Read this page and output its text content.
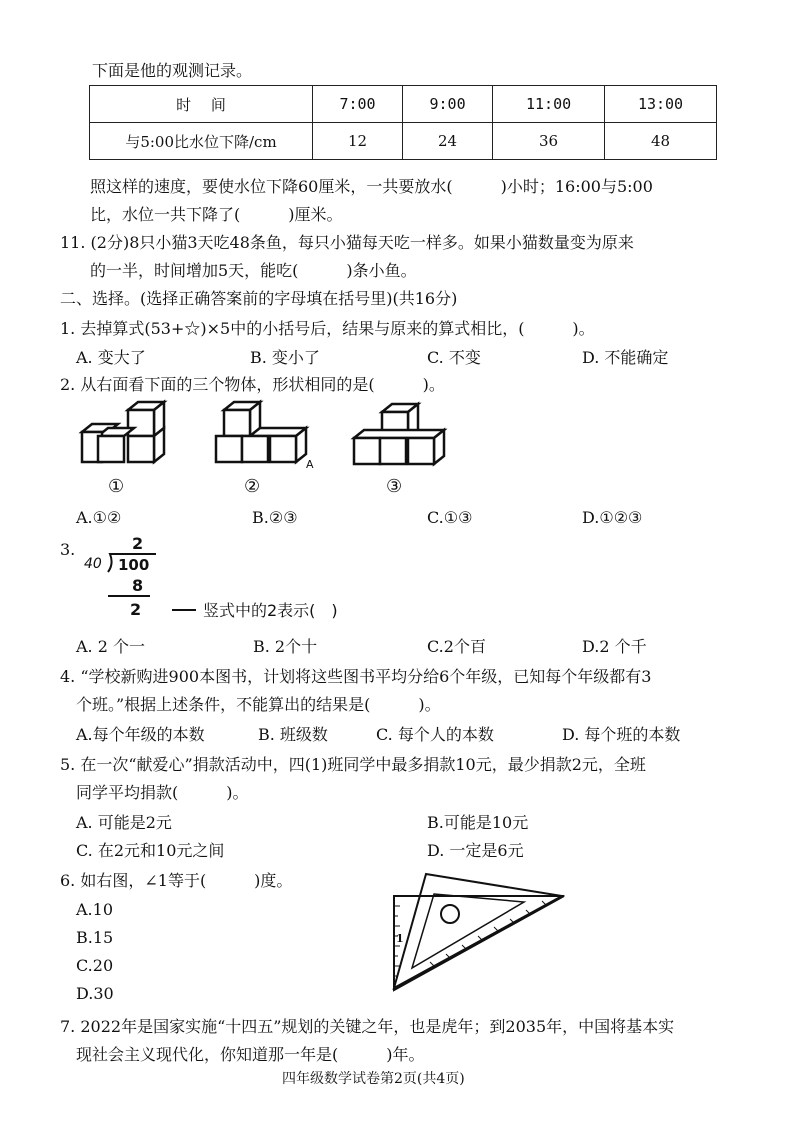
下面是他的观测记录。
时　 间	7:00	9:00	11:00	13:00
与5:00比水位下降/cm	12	24	36	48
照这样的速度，要使水位下降60厘米，一共要放水(　　　)小时；16:00与5:00
比，水位一共下降了(　　　)厘米。
11. (2分)8只小猫3天吃48条鱼，每只小猫每天吃一样多。如果小猫数量变为原来
的一半，时间增加5天，能吃(　　　)条小鱼。
二、选择。(选择正确答案前的字母填在括号里)(共16分)
1. 去掉算式(53+☆)×5中的小括号后，结果与原来的算式相比，(　　　)。
A. 变大了	B. 变小了	C. 不变	D. 不能确定
2. 从右面看下面的三个物体，形状相同的是(　　　)。
A
①	②	③
A.①②	B.②③	C.①③	D.①②③
3.	2
40 100
8
2	竖式中的2表示(　)
A. 2 个一	B. 2个十	C.2个百	D.2 个千
4. “学校新购进900本图书，计划将这些图书平均分给6个年级，已知每个年级都有3
个班。”根据上述条件，不能算出的结果是(　　　)。
A.每个年级的本数	B. 班级数	C. 每个人的本数	D. 每个班的本数
5. 在一次“献爱心”捐款活动中，四(1)班同学中最多捐款10元，最少捐款2元，全班
同学平均捐款(　　　)。
A. 可能是2元	B.可能是10元
C. 在2元和10元之间	D. 一定是6元
6. 如右图，∠1等于(　　　)度。
A.10
B.15
C.20
D.30
1
7. 2022年是国家实施“十四五”规划的关键之年，也是虎年；到2035年，中国将基本实
现社会主义现代化，你知道那一年是(　　　)年。
四年级数学试卷第2页(共4页)
